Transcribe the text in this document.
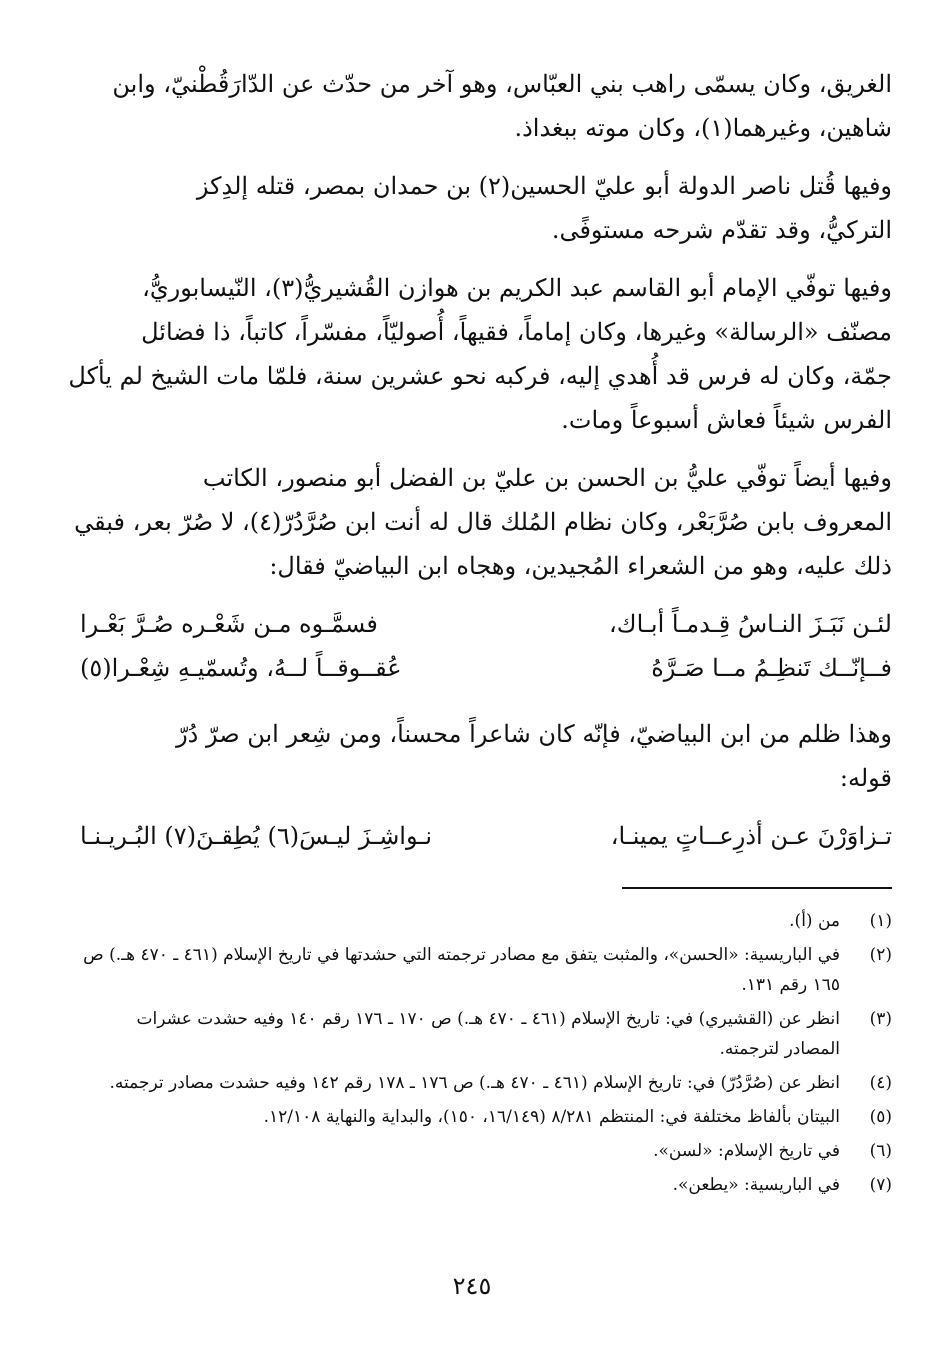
الغريق، وكان يسمّى راهب بني العبّاس، وهو آخر من حدّث عن الدّارَقُطْنيّ، وابن
شاهين، وغيرهما(١)، وكان موته ببغداذ.

وفيها قُتل ناصر الدولة أبو عليّ الحسين(٢) بن حمدان بمصر، قتله إلدِكز
التركيُّ، وقد تقدّم شرحه مستوفًى.

وفيها توفّي الإمام أبو القاسم عبد الكريم بن هوازن القُشيريُّ(٣)، النّيسابوريُّ،
مصنّف «الرسالة» وغيرها، وكان إماماً، فقيهاً، أُصوليّاً، مفسّراً، كاتباً، ذا فضائل
جمّة، وكان له فرس قد أُهدي إليه، فركبه نحو عشرين سنة، فلمّا مات الشيخ لم يأكل
الفرس شيئاً فعاش أسبوعاً ومات.

وفيها أيضاً توفّي عليُّ بن الحسن بن عليّ بن الفضل أبو منصور، الكاتب
المعروف بابن صُرَّبَعْر، وكان نظام المُلك قال له أنت ابن صُرَّدُرّ(٤)، لا صُرّ بعر، فبقي
ذلك عليه، وهو من الشعراء المُجيدين، وهجاه ابن البياضيّ فقال:

لئـن نَبَـزَ النـاسُ قِـدمـاً أبـاك،
فسمَّـوه مـن شَعْـره صُـرَّ بَعْـرا
فــإنّــك تَنظِـمُ مــا صَـرَّهُ
عُقــوقــاً لــهُ، وتُسمّيـهِ شِعْـرا(٥)

وهذا ظلم من ابن البياضيّ، فإنّه كان شاعراً محسناً، ومن شِعر ابن صرّ دُرّ
قوله:

تـزاوَرْنَ عـن أذرِعــاتٍ يمينـا،
نـواشِـزَ ليـسَ(٦) يُطِقـنَ(٧) البُـريـنـا
(١)
من (أ).
(٢)
في الباريسية: «الحسن»، والمثبت يتفق مع مصادر ترجمته التي حشدتها في تاريخ الإسلام (٤٦١ ـ ٤٧٠ هـ.) ص ١٦٥ رقم ١٣١.
(٣)
انظر عن (القشيري) في: تاريخ الإسلام (٤٦١ ـ ٤٧٠ هـ.) ص ١٧٠ ـ ١٧٦ رقم ١٤٠ وفيه حشدت عشرات المصادر لترجمته.
(٤)
انظر عن (صُرَّدُرّ) في: تاريخ الإسلام (٤٦١ ـ ٤٧٠ هـ.) ص ١٧٦ ـ ١٧٨ رقم ١٤٢ وفيه حشدت مصادر ترجمته.
(٥)
البيتان بألفاظ مختلفة في: المنتظم ٨/٢٨١ (١٦/١٤٩، ١٥٠)، والبداية والنهاية ١٢/١٠٨.
(٦)
في تاريخ الإسلام: «لسن».
(٧)
في الباريسية: «يطعن».
٢٤٥
